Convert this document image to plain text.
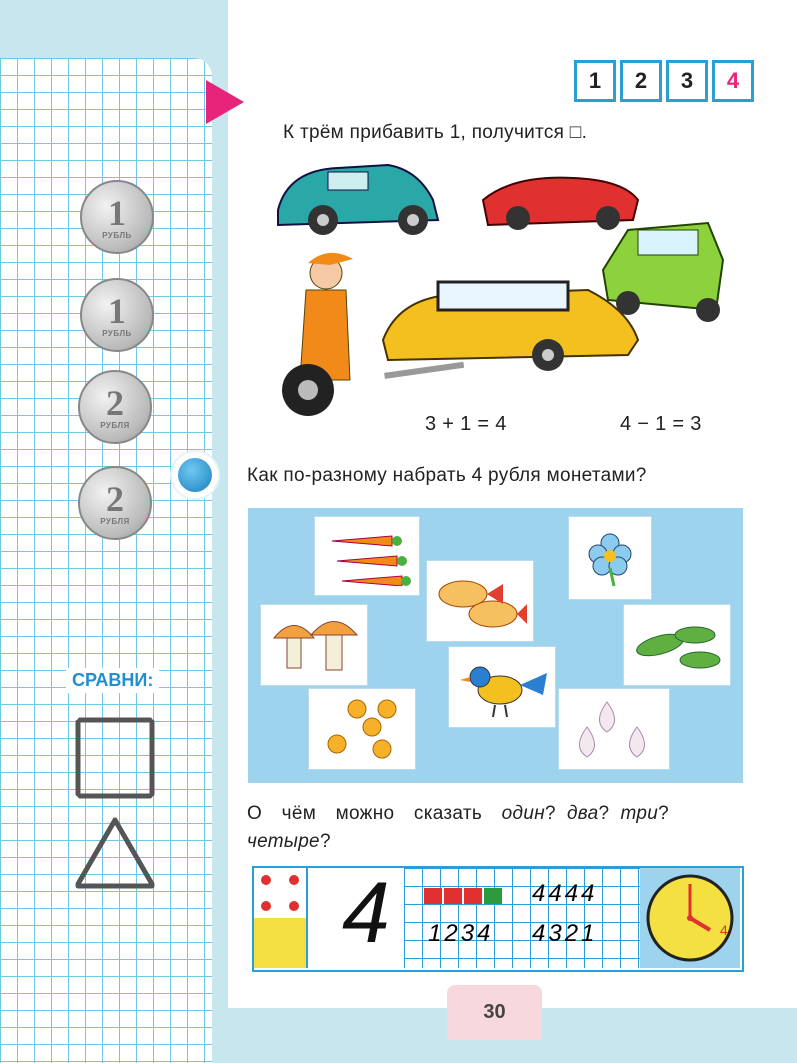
1	2	3	4
К трём прибавить 1, получится □.
3 + 1 = 4	4 − 1 = 3
Как по-разному набрать 4 рубля монетами?
1
РУБЛЬ
1
РУБЛЬ
2
РУБЛЯ
2
РУБЛЯ
СРАВНИ:
О чём можно сказать один?  два?  три?
четыре?
4	4444
1234 4321	4
30
